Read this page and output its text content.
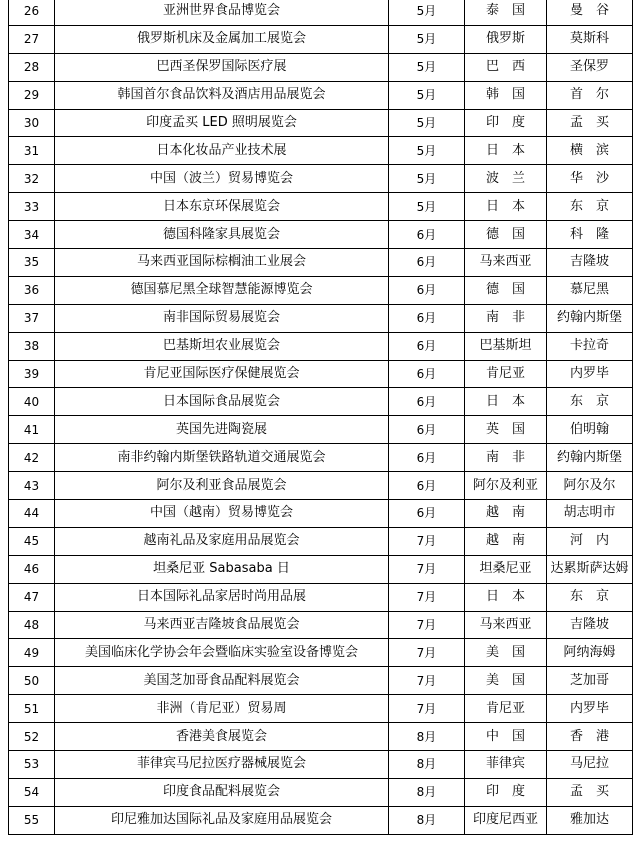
26	亚洲世界食品博览会	5月	泰　国	曼　谷
27	俄罗斯机床及金属加工展览会	5月	俄罗斯	莫斯科
28	巴西圣保罗国际医疗展	5月	巴　西	圣保罗
29	韩国首尔食品饮料及酒店用品展览会	5月	韩　国	首　尔
30	印度孟买 LED 照明展览会	5月	印　度	孟　买
31	日本化妆品产业技术展	5月	日　本	横　滨
32	中国（波兰）贸易博览会	5月	波　兰	华　沙
33	日本东京环保展览会	5月	日　本	东　京
34	德国科隆家具展览会	6月	德　国	科　隆
35	马来西亚国际棕榈油工业展会	6月	马来西亚	吉隆坡
36	德国慕尼黑全球智慧能源博览会	6月	德　国	慕尼黑
37	南非国际贸易展览会	6月	南　非	约翰内斯堡
38	巴基斯坦农业展览会	6月	巴基斯坦	卡拉奇
39	肯尼亚国际医疗保健展览会	6月	肯尼亚	内罗毕
40	日本国际食品展览会	6月	日　本	东　京
41	英国先进陶瓷展	6月	英　国	伯明翰
42	南非约翰内斯堡铁路轨道交通展览会	6月	南　非	约翰内斯堡
43	阿尔及利亚食品展览会	6月	阿尔及利亚	阿尔及尔
44	中国（越南）贸易博览会	6月	越　南	胡志明市
45	越南礼品及家庭用品展览会	7月	越　南	河　内
46	坦桑尼亚 Sabasaba 日	7月	坦桑尼亚	达累斯萨达姆
47	日本国际礼品家居时尚用品展	7月	日　本	东　京
48	马来西亚吉隆坡食品展览会	7月	马来西亚	吉隆坡
49	美国临床化学协会年会暨临床实验室设备博览会	7月	美　国	阿纳海姆
50	美国芝加哥食品配料展览会	7月	美　国	芝加哥
51	非洲（肯尼亚）贸易周	7月	肯尼亚	内罗毕
52	香港美食展览会	8月	中　国	香　港
53	菲律宾马尼拉医疗器械展览会	8月	菲律宾	马尼拉
54	印度食品配料展览会	8月	印　度	孟　买
55	印尼雅加达国际礼品及家庭用品展览会	8月	印度尼西亚	雅加达
